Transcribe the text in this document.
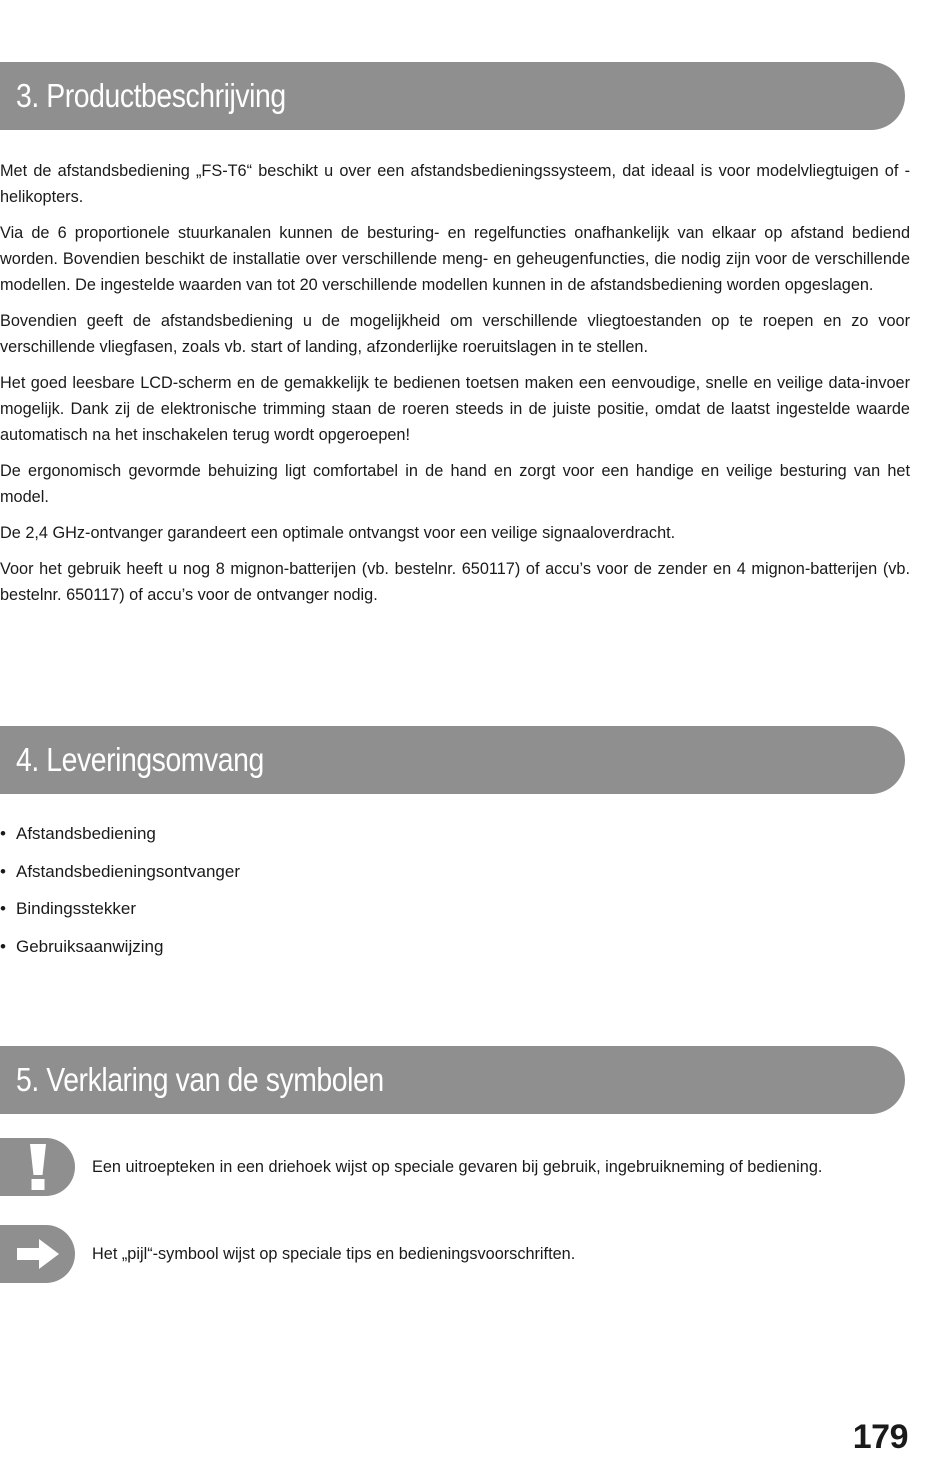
3. Productbeschrijving

Met de afstandsbediening „FS-T6“ beschikt u over een afstandsbedieningssysteem, dat ideaal is voor modelvliegtuigen of -helikopters.

Via de 6 proportionele stuurkanalen kunnen de besturing- en regelfuncties onafhankelijk van elkaar op afstand bediend worden. Bovendien beschikt de installatie over verschillende meng- en geheugenfuncties, die nodig zijn voor de verschillende modellen. De ingestelde waarden van tot 20 verschillende modellen kunnen in de afstandsbediening worden opgeslagen.

Bovendien geeft de afstandsbediening u de mogelijkheid om verschillende vliegtoestanden op te roepen en zo voor verschillende vliegfasen, zoals vb. start of landing, afzonderlijke roeruitslagen in te stellen.

Het goed leesbare LCD-scherm en de gemakkelijk te bedienen toetsen maken een eenvoudige, snelle en veilige data-invoer mogelijk. Dank zij de elektronische trimming staan de roeren steeds in de juiste positie, omdat de laatst ingestelde waarde automatisch na het inschakelen terug wordt opgeroepen!

De ergonomisch gevormde behuizing ligt comfortabel in de hand en zorgt voor een handige en veilige besturing van het model.

De 2,4 GHz-ontvanger garandeert een optimale ontvangst voor een veilige signaaloverdracht.

Voor het gebruik heeft u nog 8 mignon-batterijen (vb. bestelnr. 650117) of accu’s voor de zender en 4 mignon-batterijen (vb. bestelnr. 650117) of accu’s voor de ontvanger nodig.

4. Leveringsomvang
• Afstandsbediening
• Afstandsbedieningsontvanger
• Bindingsstekker
• Gebruiksaanwijzing
5. Verklaring van de symbolen
Een uitroepteken in een driehoek wijst op speciale gevaren bij gebruik, ingebruikneming of bediening.
Het „pijl“-symbool wijst op speciale tips en bedieningsvoorschriften.
179
